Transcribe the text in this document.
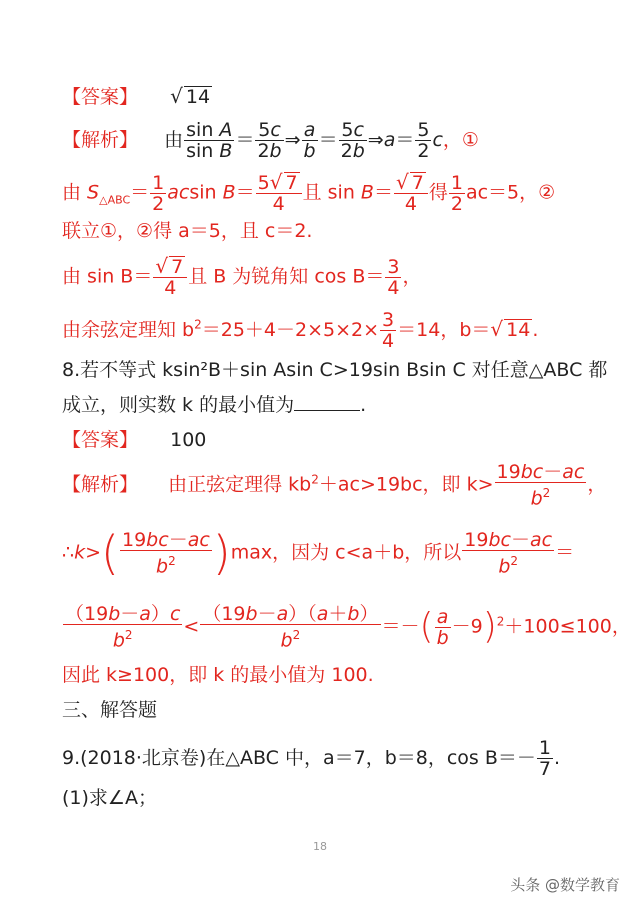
【答案】 √ 14
【解析】 由 $\frac{\text{sin A}}{\text{sin B}} = \frac{5c}{2b}$ ⇒ $\frac{a}{b} = \frac{5c}{2b}$ ⇒a＝ $\frac{5}{2}$ c，①
由 $S_{\triangle ABC}= \frac{1}{2}$ acsin $B= \frac{5√ 7}{4}$ 且 $\sin B= \frac{√ 7}{4}$ 得 $\frac{1}{2} ac=5$，②
联立①，②得 a＝5，且 c＝2.
由 $\sin B= \frac{√ 7}{4}$ 且 B 为锐角知 $\cos B= \frac{3}{4}$ ，
由余弦定理知 $b^2=25+4-2\times 5\times 2\times \frac{3}{4} =14$，b＝√ 14 .
8.若不等式 ksin²B＋sin Asin C>19sin Bsin C 对任意△ABC 都
成立，则实数 k 的最小值为	.
【答案】 100
【解析】 由正弦定理得 $kb^2+ac>19bc$，即 $k> \frac{19bc-ac}{b^2}$ ，
∴k>( $\frac{19bc-ac}{b^2} )\max$，因为 c<a＋b，所以 $\frac{19bc-ac}{b^2}$ ＝
$\frac{(19b-a)c}{b^2} < \frac{(19b-a)(a+b)}{b^2}$ ＝－( $\frac{a}{b} -9)^2+100\le 100$，
因此 k≥100，即 k 的最小值为 100.
三、解答题
9.(2018·北京卷)在△ABC 中，a＝7，b＝8，$\cos B=- \frac{1}{7}$ .
(1)求∠A；
18
头条 @数学教育
